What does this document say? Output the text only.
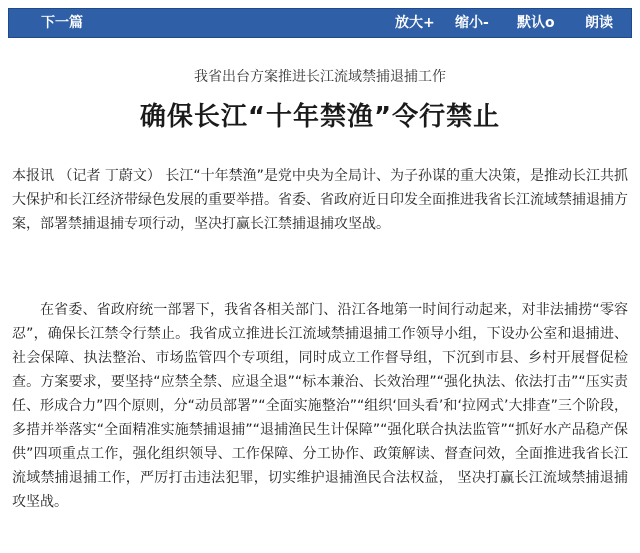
下一篇	放大+ 缩小- 默认o 朗读
我省出台方案推进长江流域禁捕退捕工作
确保长江“十年禁渔”令行禁止

本报讯 （记者 丁蔚文） 长江“十年禁渔”是党中央为全局计、为子孙谋的重大决策，是推动长江共抓大保护和长江经济带绿色发展的重要举措。省委、省政府近日印发全面推进我省长江流域禁捕退捕方案，部署禁捕退捕专项行动，坚决打赢长江禁捕退捕攻坚战。

在省委、省政府统一部署下，我省各相关部门、沿江各地第一时间行动起来，对非法捕捞“零容忍”，确保长江禁令行禁止。我省成立推进长江流域禁捕退捕工作领导小组，下设办公室和退捕进、社会保障、执法整治、市场监管四个专项组，同时成立工作督导组，下沉到市县、乡村开展督促检查。方案要求，要坚持“应禁全禁、应退全退”“标本兼治、长效治理”“强化执法、依法打击”“压实责任、形成合力”四个原则，分“动员部署”“全面实施整治”“组织‘回头看’和‘拉网式’大排查”三个阶段，多措并举落实“全面精准实施禁捕退捕”“退捕渔民生计保障”“强化联合执法监管”“抓好水产品稳产保供”四项重点工作，强化组织领导、工作保障、分工协作、政策解读、督查问效，全面推进我省长江流域禁捕退捕工作，严厉打击违法犯罪，切实维护退捕渔民合法权益， 坚决打赢长江流域禁捕退捕攻坚战。
